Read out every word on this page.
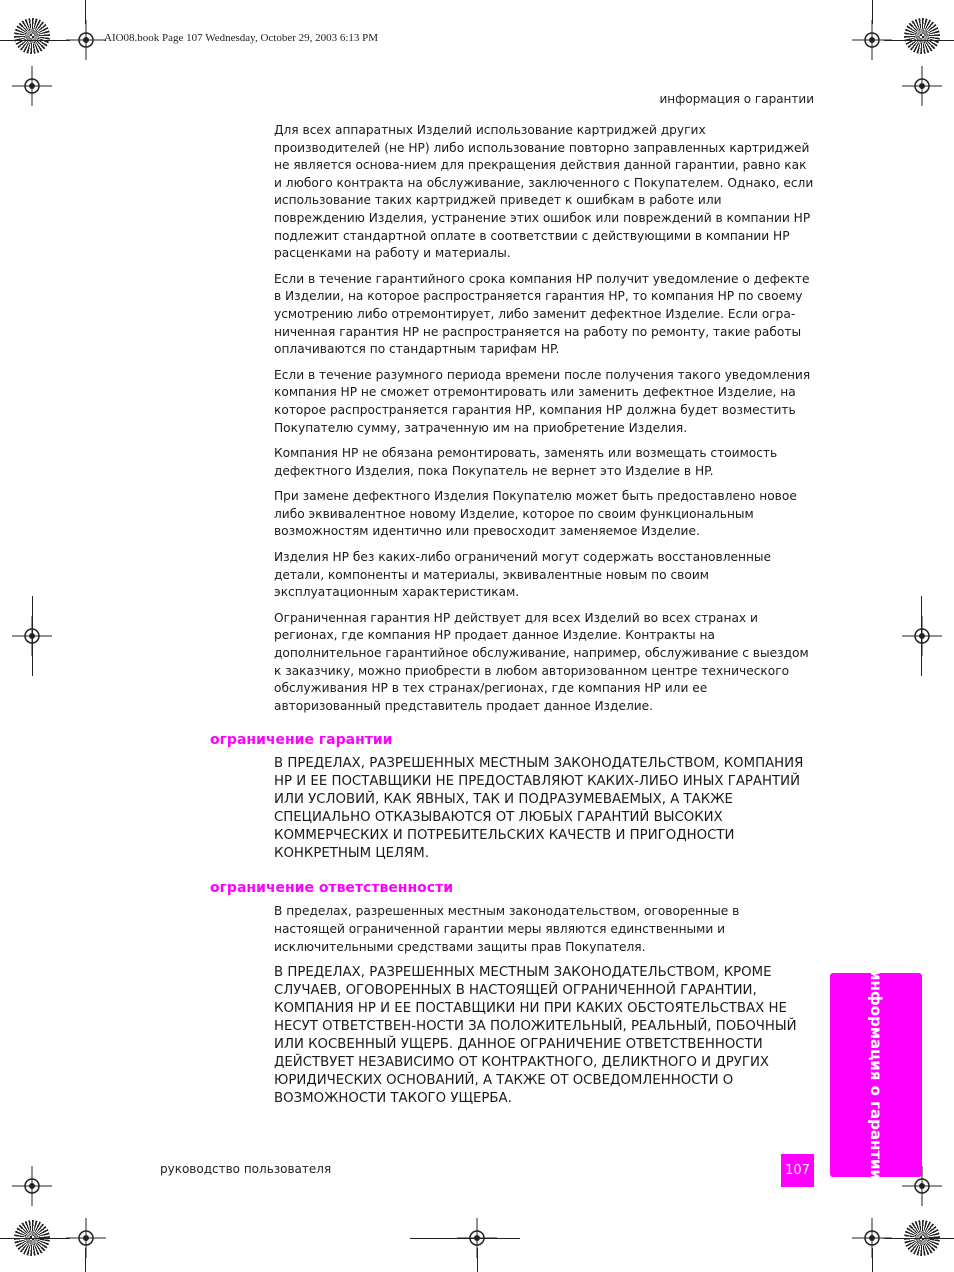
AIO08.book Page 107 Wednesday, October 29, 2003 6:13 PM
информация о гарантии

Для всех аппаратных Изделий использование картриджей других производителей (не HP) либо использование повторно заправленных картриджей не является основа-нием для прекращения действия данной гарантии, равно как и любого контракта на обслуживание, заключенного с Покупателем. Однако, если использование таких картриджей приведет к ошибкам в работе или повреждению Изделия, устранение этих ошибок или повреждений в компании HP подлежит стандартной оплате в соответствии с действующими в компании HP расценками на работу и материалы.

Если в течение гарантийного срока компания HP получит уведомление о дефекте в Изделии, на которое распространяется гарантия HP, то компания HP по своему усмотрению либо отремонтирует, либо заменит дефектное Изделие. Если огра-ниченная гарантия HP не распространяется на работу по ремонту, такие работы оплачиваются по стандартным тарифам HP.

Если в течение разумного периода времени после получения такого уведомления компания HP не сможет отремонтировать или заменить дефектное Изделие, на которое распространяется гарантия HP, компания HP должна будет возместить Покупателю сумму, затраченную им на приобретение Изделия.

Компания HP не обязана ремонтировать, заменять или возмещать стоимость дефектного Изделия, пока Покупатель не вернет это Изделие в HP.

При замене дефектного Изделия Покупателю может быть предоставлено новое либо эквивалентное новому Изделие, которое по своим функциональным возможностям идентично или превосходит заменяемое Изделие.

Изделия HP без каких-либо ограничений могут содержать восстановленные детали, компоненты и материалы, эквивалентные новым по своим эксплуатационным характеристикам.

Ограниченная гарантия HP действует для всех Изделий во всех странах и регионах, где компания HP продает данное Изделие. Контракты на дополнительное гарантийное обслуживание, например, обслуживание с выездом к заказчику, можно приобрести в любом авторизованном центре технического обслуживания HP в тех странах/регионах, где компания HP или ее авторизованный представитель продает данное Изделие.

ограничение гарантии

В ПРЕДЕЛАХ, РАЗРЕШЕННЫХ МЕСТНЫМ ЗАКОНОДАТЕЛЬСТВОМ, КОМПАНИЯ HP И ЕЕ ПОСТАВЩИКИ НЕ ПРЕДОСТАВЛЯЮТ КАКИХ-ЛИБО ИНЫХ ГАРАНТИЙ ИЛИ УСЛОВИЙ, КАК ЯВНЫХ, ТАК И ПОДРАЗУМЕВАЕМЫХ, А ТАКЖЕ СПЕЦИАЛЬНО ОТКАЗЫВАЮТСЯ ОТ ЛЮБЫХ ГАРАНТИЙ ВЫСОКИХ КОММЕРЧЕСКИХ И ПОТРЕБИТЕЛЬСКИХ КАЧЕСТВ И ПРИГОДНОСТИ КОНКРЕТНЫМ ЦЕЛЯМ.

ограничение ответственности

В пределах, разрешенных местным законодательством, оговоренные в настоящей ограниченной гарантии меры являются единственными и исключительными средствами защиты прав Покупателя.

В ПРЕДЕЛАХ, РАЗРЕШЕННЫХ МЕСТНЫМ ЗАКОНОДАТЕЛЬСТВОМ, КРОМЕ СЛУЧАЕВ, ОГОВОРЕННЫХ В НАСТОЯЩЕЙ ОГРАНИЧЕННОЙ ГАРАНТИИ, КОМПАНИЯ HP И ЕЕ ПОСТАВЩИКИ НИ ПРИ КАКИХ ОБСТОЯТЕЛЬСТВАХ НЕ НЕСУТ ОТВЕТСТВЕН-НОСТИ ЗА ПОЛОЖИТЕЛЬНЫЙ, РЕАЛЬНЫЙ, ПОБОЧНЫЙ ИЛИ КОСВЕННЫЙ УЩЕРБ. ДАННОЕ ОГРАНИЧЕНИЕ ОТВЕТСТВЕННОСТИ ДЕЙСТВУЕТ НЕЗАВИСИМО ОТ КОНТРАКТНОГО, ДЕЛИКТНОГО И ДРУГИХ ЮРИДИЧЕСКИХ ОСНОВАНИЙ, А ТАКЖЕ ОТ ОСВЕДОМЛЕННОСТИ О ВОЗМОЖНОСТИ ТАКОГО УЩЕРБА.	информация о гарантии
руководство пользователя	107
